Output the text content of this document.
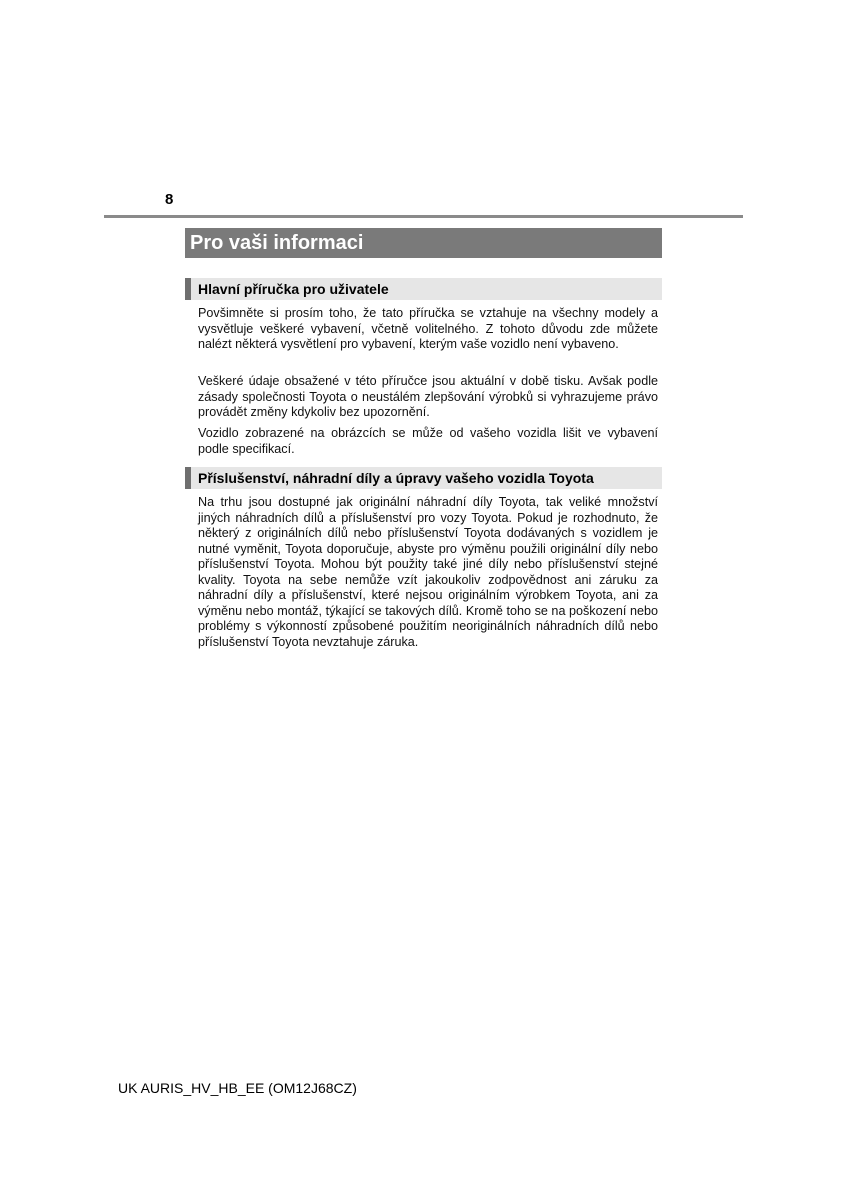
8
Pro vaši informaci
Hlavní příručka pro uživatele

Povšimněte si prosím toho, že tato příručka se vztahuje na všechny modely a vysvětluje veškeré vybavení, včetně volitelného. Z tohoto důvodu zde můžete nalézt některá vysvětlení pro vybavení, kterým vaše vozidlo není vybaveno.

Veškeré údaje obsažené v této příručce jsou aktuální v době tisku. Avšak podle zásady společnosti Toyota o neustálém zlepšování výrobků si vyhrazujeme právo provádět změny kdykoliv bez upozornění.

Vozidlo zobrazené na obrázcích se může od vašeho vozidla lišit ve vybavení podle specifikací.

Příslušenství, náhradní díly a úpravy vašeho vozidla Toyota

Na trhu jsou dostupné jak originální náhradní díly Toyota, tak veliké množství jiných náhradních dílů a příslušenství pro vozy Toyota. Pokud je rozhodnuto, že některý z originálních dílů nebo příslušenství Toyota dodávaných s vozidlem je nutné vyměnit, Toyota doporučuje, abyste pro výměnu použili originální díly nebo příslušenství Toyota. Mohou být použity také jiné díly nebo příslušenství stejné kvality. Toyota na sebe nemůže vzít jakoukoliv zodpovědnost ani záruku za náhradní díly a příslušenství, které nejsou originálním výrobkem Toyota, ani za výměnu nebo montáž, týkající se takových dílů. Kromě toho se na poškození nebo problémy s výkonností způsobené použitím neoriginálních náhradních dílů nebo příslušenství Toyota nevztahuje záruka.

UK AURIS_HV_HB_EE (OM12J68CZ)
